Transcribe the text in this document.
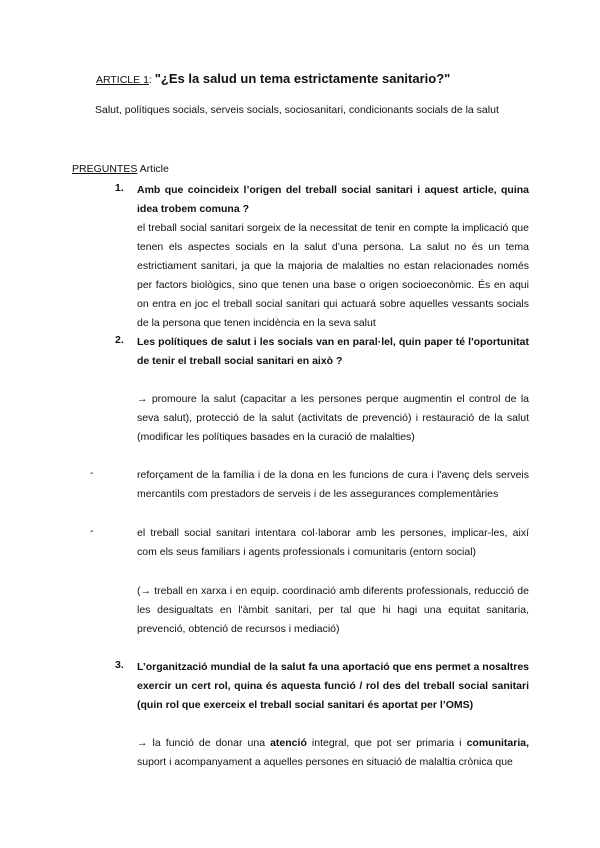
ARTICLE 1: "¿Es la salud un tema estrictamente sanitario?"
Salut, polítiques socials, serveis socials, sociosanitari, condicionants socials de la salut
PREGUNTES Article
1.	Amb que coincideix l’origen del treball social sanitari i aquest article, quina idea trobem comuna ?
el treball social sanitari sorgeix de la necessitat de tenir en compte la implicació que tenen els aspectes socials en la salut d’una persona. La salut no és un tema estrictiament sanitari, ja que la majoria de malalties no estan relacionades només per factors biològics, sino que tenen una base o origen socioeconòmic. És en aqui on entra en joc el treball social sanitari qui actuará sobre aquelles vessants socials de la persona que tenen incidència en la seva salut
2.	Les polítiques de salut i les socials van en paral·lel, quin paper té l'oportunitat de tenir el treball social sanitari en això ?
→ promoure la salut (capacitar a les persones perque augmentin el control de la seva salut), protecció de la salut (activitats de prevenció) i restauració de la salut (modificar les polítiques basades en la curació de malalties)
-	reforçament de la família i de la dona en les funcions de cura i l'avenç dels serveis mercantils com prestadors de serveis i de les assegurances complementàries
-	el treball social sanitari intentara col·laborar amb les persones, implicar-les, així com els seus familiars i agents professionals i comunitaris (entorn social)
(→ treball en xarxa i en equip. coordinació amb diferents professionals, reducció de les desigualtats en l'àmbit sanitari, per tal que hi hagi una equitat sanitaria, prevenció, obtenció de recursos i mediació)
3.	L’organització mundial de la salut fa una aportació que ens permet a nosaltres exercir un cert rol, quina és aquesta funció / rol des del treball social sanitari (quin rol que exerceix el treball social sanitari és aportat per l’OMS)
→ la funció de donar una atenció integral, que pot ser primaria i comunitaria, suport i acompanyament a aquelles persones en situació de malaltia crònica que
